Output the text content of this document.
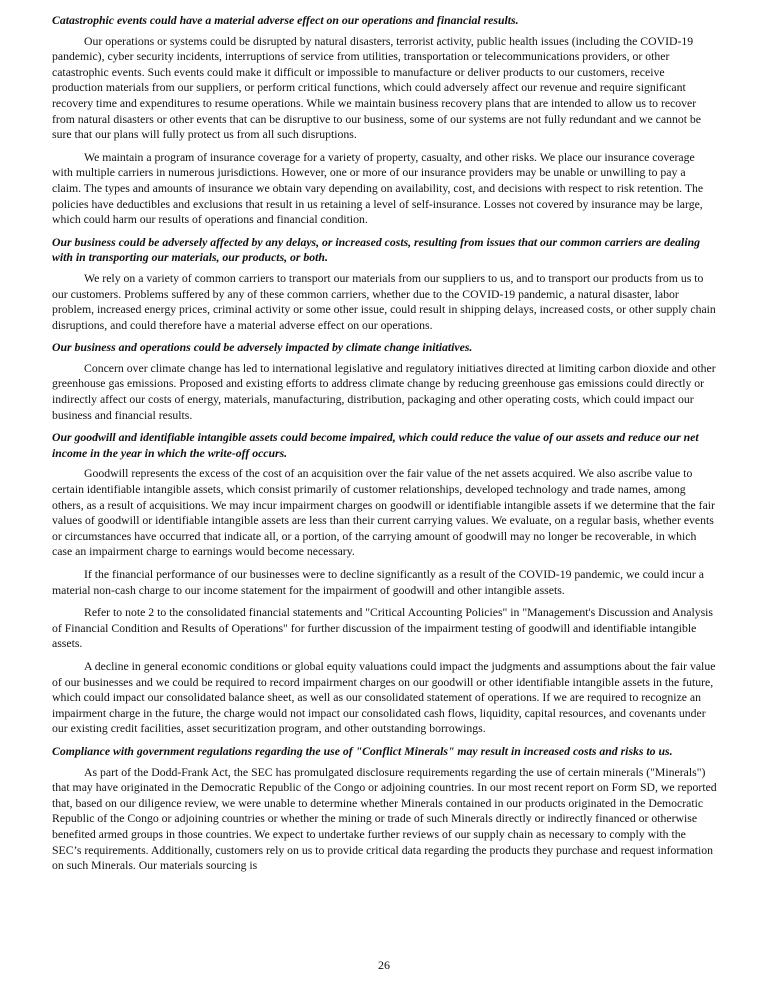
Catastrophic events could have a material adverse effect on our operations and financial results.

Our operations or systems could be disrupted by natural disasters, terrorist activity, public health issues (including the COVID-19 pandemic), cyber security incidents, interruptions of service from utilities, transportation or telecommunications providers, or other catastrophic events. Such events could make it difficult or impossible to manufacture or deliver products to our customers, receive production materials from our suppliers, or perform critical functions, which could adversely affect our revenue and require significant recovery time and expenditures to resume operations. While we maintain business recovery plans that are intended to allow us to recover from natural disasters or other events that can be disruptive to our business, some of our systems are not fully redundant and we cannot be sure that our plans will fully protect us from all such disruptions.

We maintain a program of insurance coverage for a variety of property, casualty, and other risks. We place our insurance coverage with multiple carriers in numerous jurisdictions. However, one or more of our insurance providers may be unable or unwilling to pay a claim. The types and amounts of insurance we obtain vary depending on availability, cost, and decisions with respect to risk retention. The policies have deductibles and exclusions that result in us retaining a level of self-insurance. Losses not covered by insurance may be large, which could harm our results of operations and financial condition.

Our business could be adversely affected by any delays, or increased costs, resulting from issues that our common carriers are dealing with in transporting our materials, our products, or both.

We rely on a variety of common carriers to transport our materials from our suppliers to us, and to transport our products from us to our customers. Problems suffered by any of these common carriers, whether due to the COVID-19 pandemic, a natural disaster, labor problem, increased energy prices, criminal activity or some other issue, could result in shipping delays, increased costs, or other supply chain disruptions, and could therefore have a material adverse effect on our operations.

Our business and operations could be adversely impacted by climate change initiatives.

Concern over climate change has led to international legislative and regulatory initiatives directed at limiting carbon dioxide and other greenhouse gas emissions. Proposed and existing efforts to address climate change by reducing greenhouse gas emissions could directly or indirectly affect our costs of energy, materials, manufacturing, distribution, packaging and other operating costs, which could impact our business and financial results.

Our goodwill and identifiable intangible assets could become impaired, which could reduce the value of our assets and reduce our net income in the year in which the write-off occurs.

Goodwill represents the excess of the cost of an acquisition over the fair value of the net assets acquired. We also ascribe value to certain identifiable intangible assets, which consist primarily of customer relationships, developed technology and trade names, among others, as a result of acquisitions. We may incur impairment charges on goodwill or identifiable intangible assets if we determine that the fair values of goodwill or identifiable intangible assets are less than their current carrying values. We evaluate, on a regular basis, whether events or circumstances have occurred that indicate all, or a portion, of the carrying amount of goodwill may no longer be recoverable, in which case an impairment charge to earnings would become necessary.

If the financial performance of our businesses were to decline significantly as a result of the COVID-19 pandemic, we could incur a material non-cash charge to our income statement for the impairment of goodwill and other intangible assets.

Refer to note 2 to the consolidated financial statements and "Critical Accounting Policies" in "Management's Discussion and Analysis of Financial Condition and Results of Operations" for further discussion of the impairment testing of goodwill and identifiable intangible assets.

A decline in general economic conditions or global equity valuations could impact the judgments and assumptions about the fair value of our businesses and we could be required to record impairment charges on our goodwill or other identifiable intangible assets in the future, which could impact our consolidated balance sheet, as well as our consolidated statement of operations. If we are required to recognize an impairment charge in the future, the charge would not impact our consolidated cash flows, liquidity, capital resources, and covenants under our existing credit facilities, asset securitization program, and other outstanding borrowings.

Compliance with government regulations regarding the use of "Conflict Minerals" may result in increased costs and risks to us.

As part of the Dodd-Frank Act, the SEC has promulgated disclosure requirements regarding the use of certain minerals ("Minerals") that may have originated in the Democratic Republic of the Congo or adjoining countries. In our most recent report on Form SD, we reported that, based on our diligence review, we were unable to determine whether Minerals contained in our products originated in the Democratic Republic of the Congo or adjoining countries or whether the mining or trade of such Minerals directly or indirectly financed or otherwise benefited armed groups in those countries. We expect to undertake further reviews of our supply chain as necessary to comply with the SEC’s requirements. Additionally, customers rely on us to provide critical data regarding the products they purchase and request information on such Minerals. Our materials sourcing is

26
